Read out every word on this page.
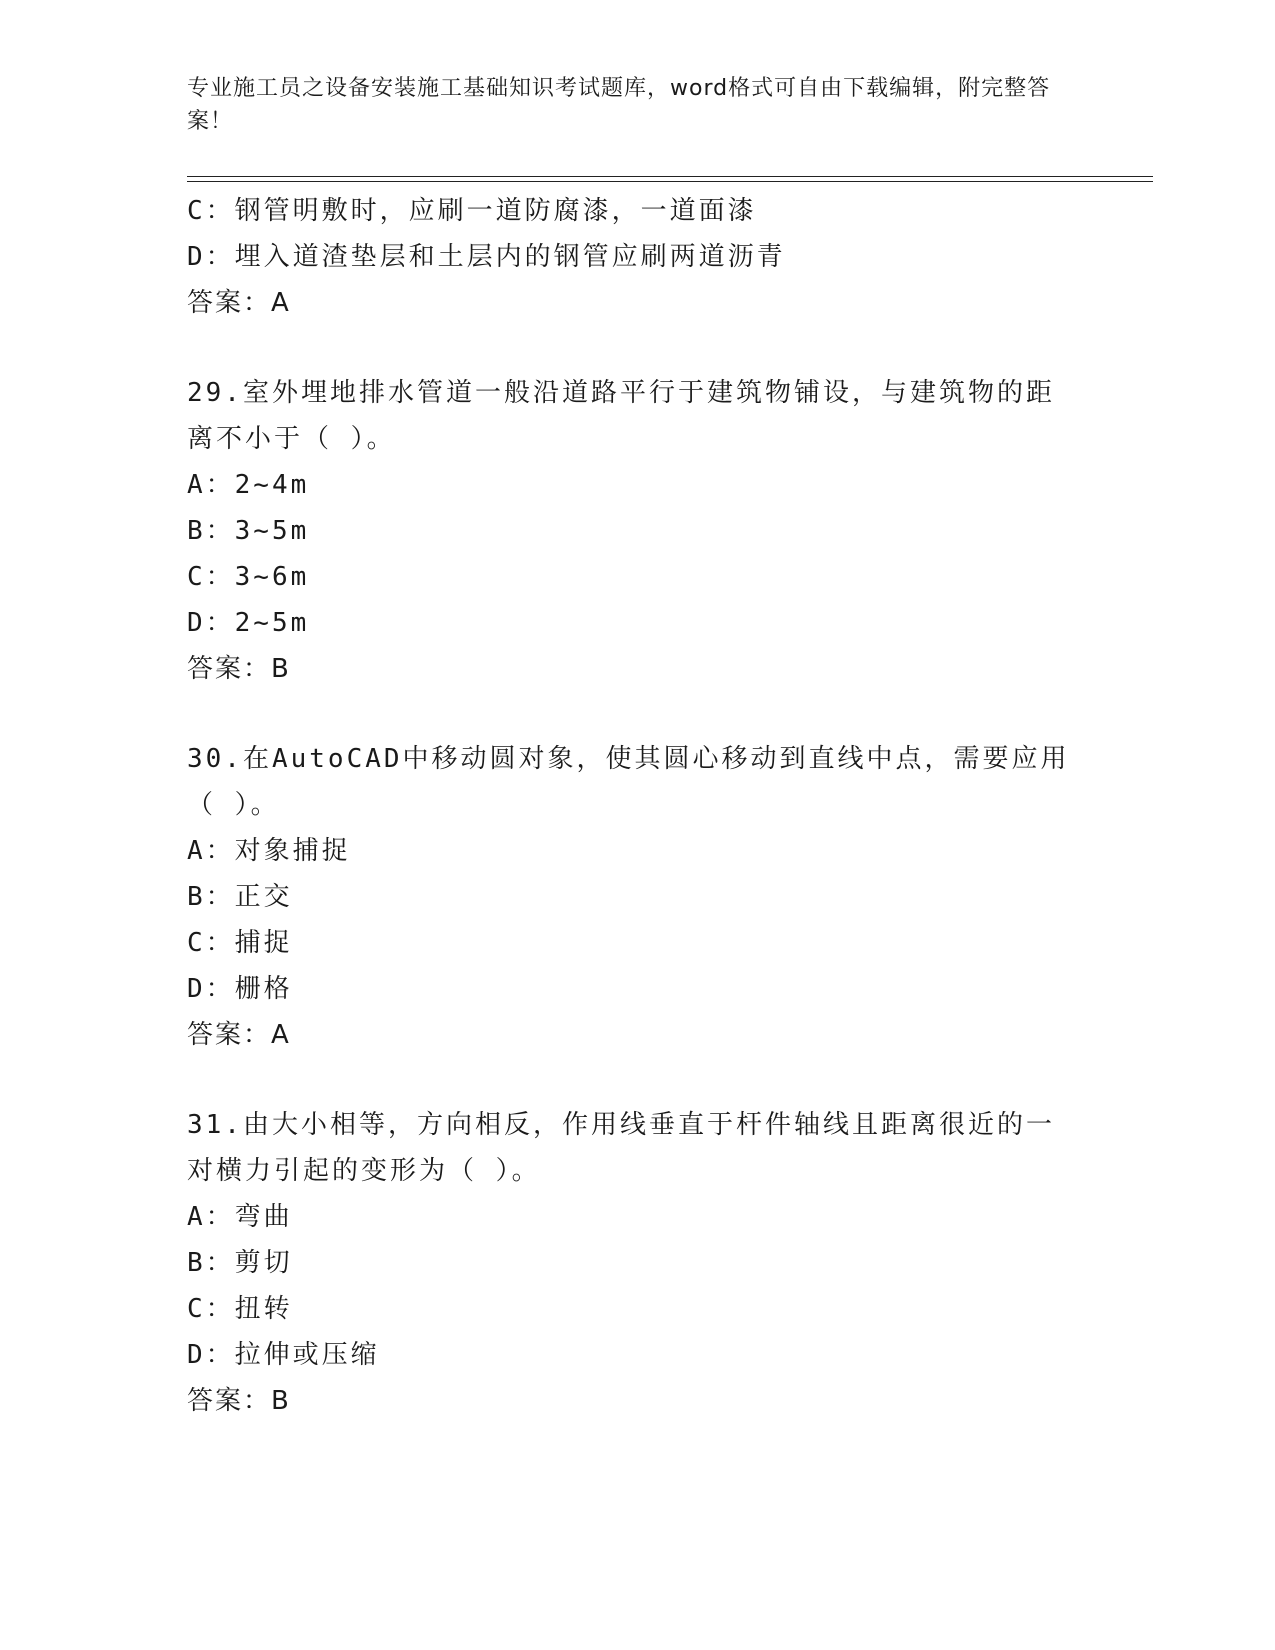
专业施工员之设备安装施工基础知识考试题库，word格式可自由下载编辑，附完整答案！
C：钢管明敷时，应刷一道防腐漆，一道面漆
D：埋入道渣垫层和土层内的钢管应刷两道沥青
答案：A
29.室外埋地排水管道一般沿道路平行于建筑物铺设，与建筑物的距离不小于（ ）。
A：2~4m
B：3~5m
C：3~6m
D：2~5m
答案：B
30.在AutoCAD中移动圆对象，使其圆心移动到直线中点，需要应用（ ）。
A：对象捕捉
B：正交
C：捕捉
D：栅格
答案：A
31.由大小相等，方向相反，作用线垂直于杆件轴线且距离很近的一对横力引起的变形为（ ）。
A：弯曲
B：剪切
C：扭转
D：拉伸或压缩
答案：B
